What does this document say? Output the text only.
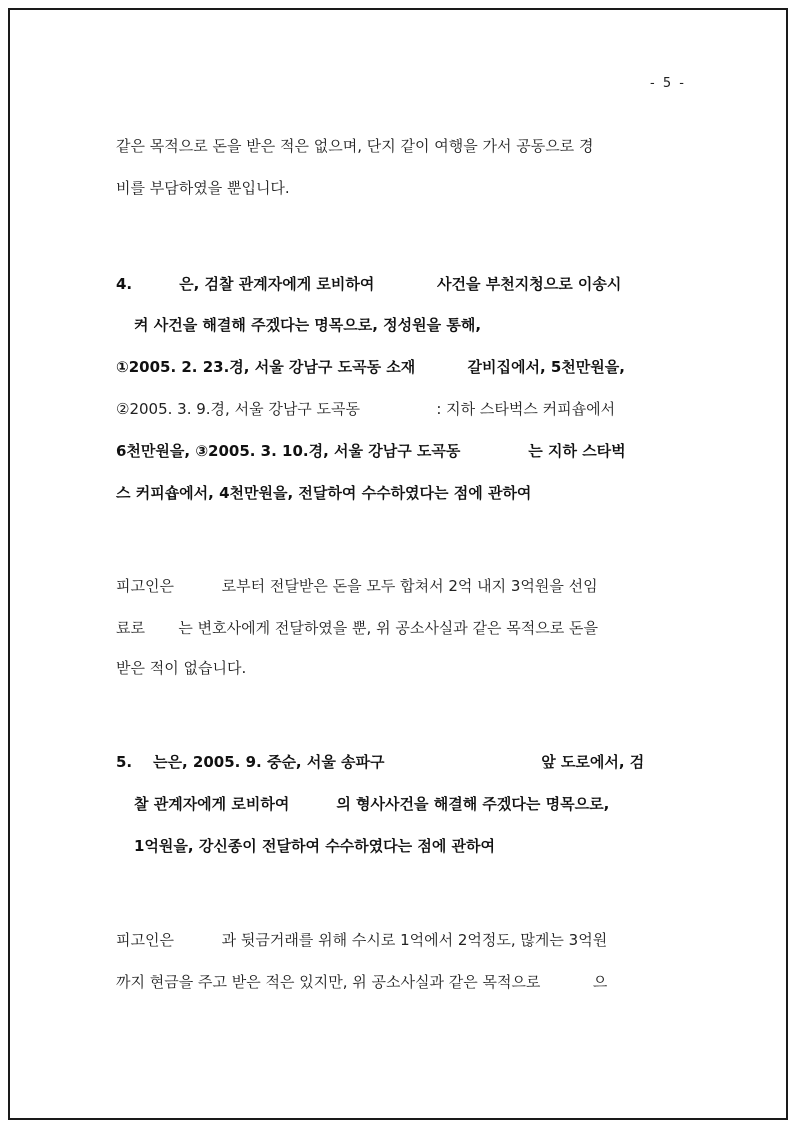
- 5 -
같은 목적으로 돈을 받은 적은 없으며, 단지 같이 여행을 가서 공동으로 경
비를 부담하였을 뿐입니다.
4.         은, 검찰 관계자에게 로비하여            사건을 부천지청으로 이송시
켜 사건을 해결해 주겠다는 명목으로, 정성원을 통해,
①2005. 2. 23.경, 서울 강남구 도곡동 소재          갈비집에서, 5천만원을,
②2005. 3. 9.경, 서울 강남구 도곡동                : 지하 스타벅스 커피숍에서
6천만원을, ③2005. 3. 10.경, 서울 강남구 도곡동             는 지하 스타벅
스 커피숍에서, 4천만원을, 전달하여 수수하였다는 점에 관하여
피고인은          로부터 전달받은 돈을 모두 합쳐서 2억 내지 3억원을 선임
료로       는 변호사에게 전달하였을 뿐, 위 공소사실과 같은 목적으로 돈을
받은 적이 없습니다.
5.    는은, 2005. 9. 중순, 서울 송파구                              앞 도로에서, 검
찰 관계자에게 로비하여         의 형사사건을 해결해 주겠다는 명목으로,
1억원을, 강신종이 전달하여 수수하였다는 점에 관하여
피고인은          과 뒷금거래를 위해 수시로 1억에서 2억정도, 많게는 3억원
까지 현금을 주고 받은 적은 있지만, 위 공소사실과 같은 목적으로           으
